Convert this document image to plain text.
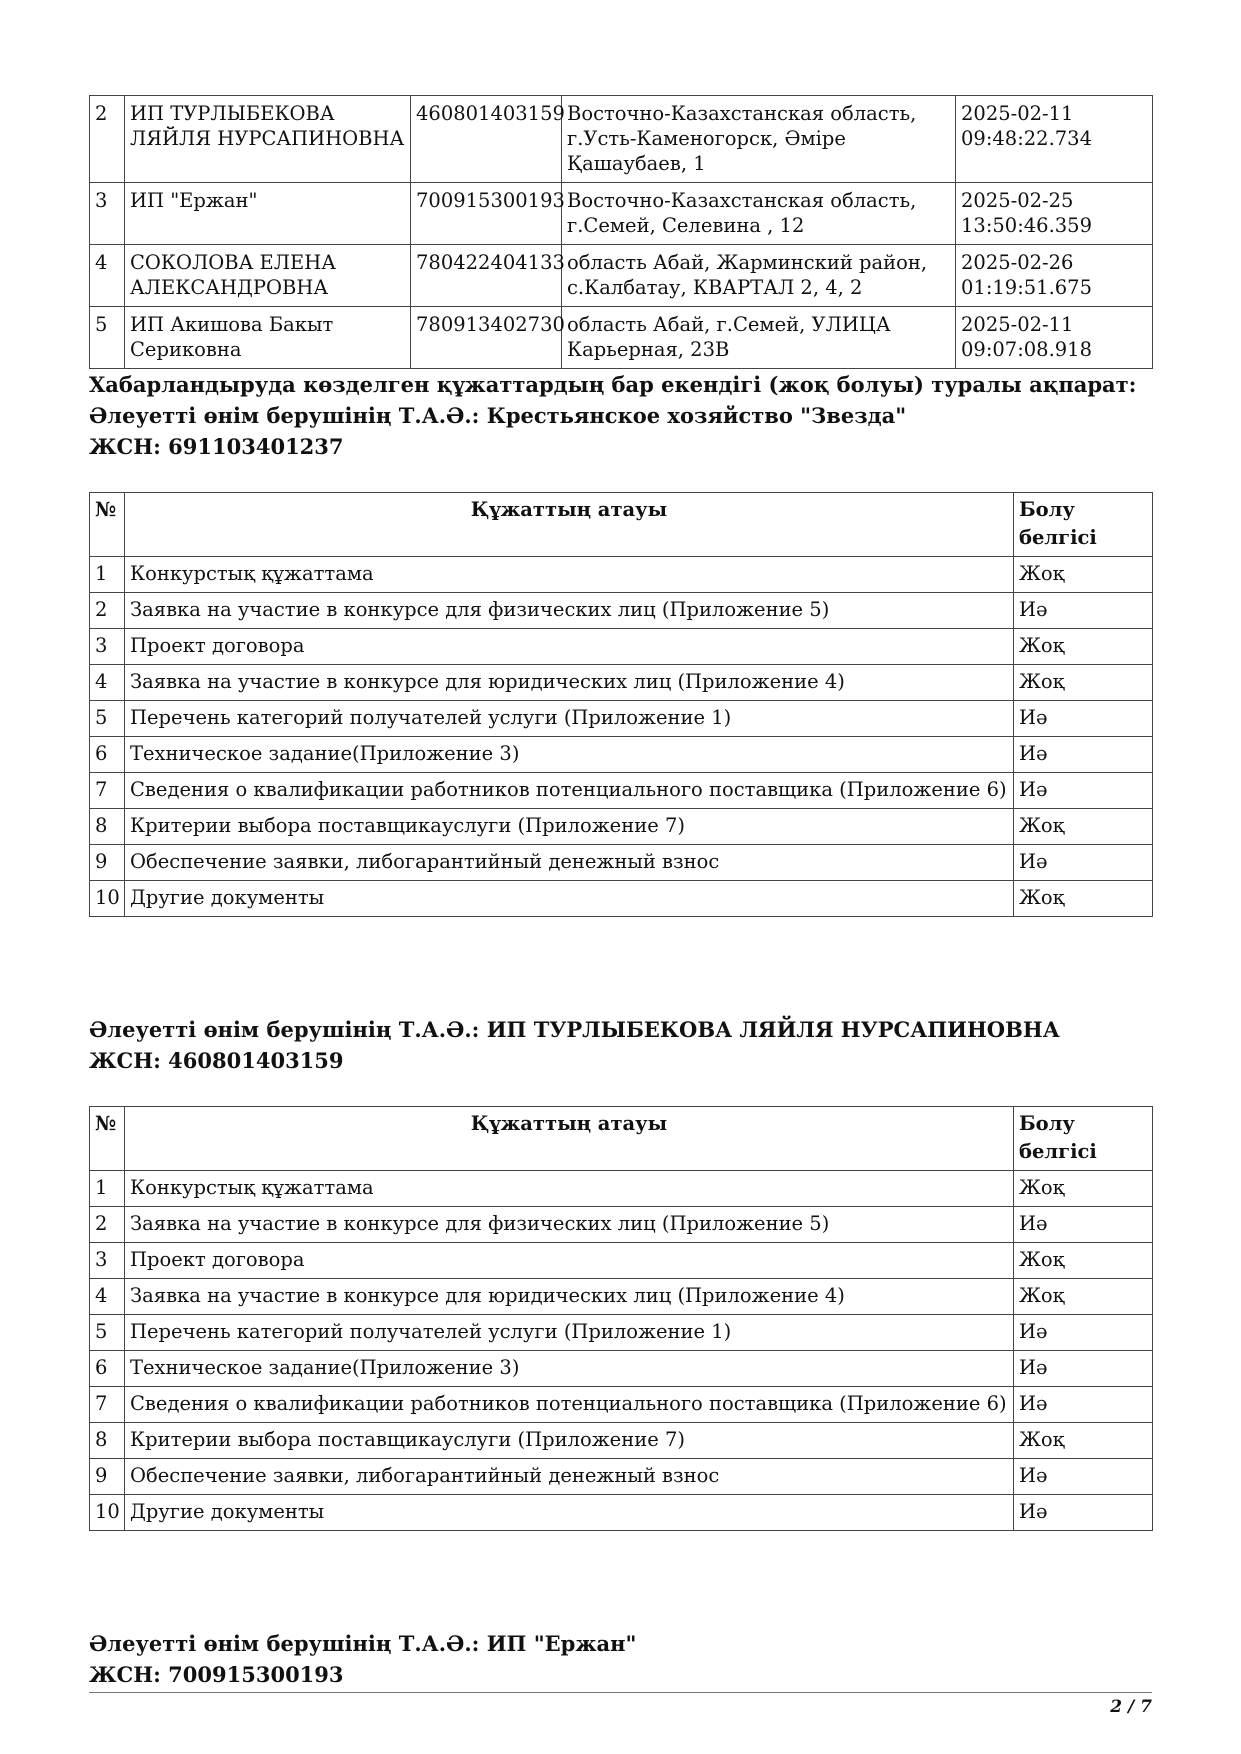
2	ИП ТУРЛЫБЕКОВА ЛЯЙЛЯ НУРСАПИНОВНА	460801403159	Восточно-Казахстанская область, г.Усть-Каменогорск, Әміре Қашаубаев, 1	2025-02-11 09:48:22.734
3	ИП "Ержан"	700915300193	Восточно-Казахстанская область, г.Семей, Селевина , 12	2025-02-25 13:50:46.359
4	СОКОЛОВА ЕЛЕНА АЛЕКСАНДРОВНА	780422404133	область Абай, Жарминский район, с.Калбатау, КВАРТАЛ 2, 4, 2	2025-02-26 01:19:51.675
5	ИП Акишова Бакыт Сериковна	780913402730	область Абай, г.Семей, УЛИЦА Карьерная, 23В	2025-02-11 09:07:08.918
Хабарландыруда көзделген құжаттардың бар екендігі (жоқ болуы) туралы ақпарат:
Әлеуетті өнім берушінің Т.А.Ә.: Крестьянское хозяйство "Звезда"
ЖСН: 691103401237
№	Құжаттың атауы	Болу белгісі
1	Конкурстық құжаттама	Жоқ
2	Заявка на участие в конкурсе для физических лиц (Приложение 5)	Иә
3	Проект договора	Жоқ
4	Заявка на участие в конкурсе для юридических лиц (Приложение 4)	Жоқ
5	Перечень категорий получателей услуги (Приложение 1)	Иә
6	Техническое задание(Приложение 3)	Иә
7	Сведения о квалификации работников потенциального поставщика (Приложение 6)	Иә
8	Критерии выбора поставщикауслуги (Приложение 7)	Жоқ
9	Обеспечение заявки, либогарантийный денежный взнос	Иә
10	Другие документы	Жоқ
Әлеуетті өнім берушінің Т.А.Ә.: ИП ТУРЛЫБЕКОВА ЛЯЙЛЯ НУРСАПИНОВНА
ЖСН: 460801403159
№	Құжаттың атауы	Болу белгісі
1	Конкурстық құжаттама	Жоқ
2	Заявка на участие в конкурсе для физических лиц (Приложение 5)	Иә
3	Проект договора	Жоқ
4	Заявка на участие в конкурсе для юридических лиц (Приложение 4)	Жоқ
5	Перечень категорий получателей услуги (Приложение 1)	Иә
6	Техническое задание(Приложение 3)	Иә
7	Сведения о квалификации работников потенциального поставщика (Приложение 6)	Иә
8	Критерии выбора поставщикауслуги (Приложение 7)	Жоқ
9	Обеспечение заявки, либогарантийный денежный взнос	Иә
10	Другие документы	Иә
Әлеуетті өнім берушінің Т.А.Ә.: ИП "Ержан"
ЖСН: 700915300193
2 / 7
